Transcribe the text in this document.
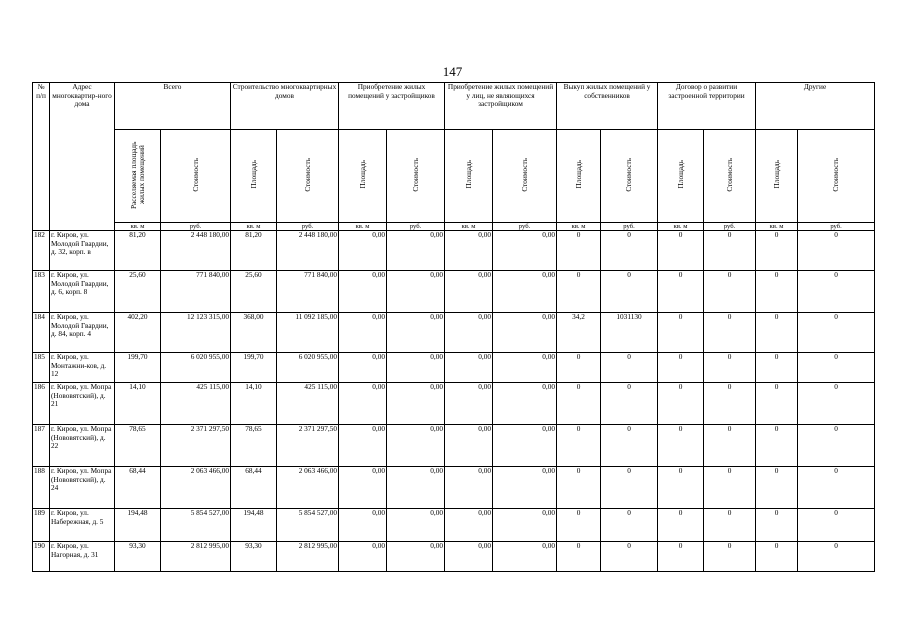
147
№ п/п	Адрес многоквартир-ного дома	Всего		Строительство многоквартирных домов		Приобретение жилых помещений у застройщиков		Приобретение жилых помещений у лиц, не являющихся застройщиком		Выкуп жилых помещений у собственников		Договор о развитии застроенной территории		Другие	
		Расселяемая площадь жилых помещений	Стоимость	Площадь	Стоимость	Площадь	Стоимость	Площадь	Стоимость	Площадь	Стоимость	Площадь	Стоимость	Площадь	Стоимость
		кв. м	руб.	кв. м	руб.	кв. м	руб.	кв. м	руб.	кв. м	руб.	кв. м	руб.	кв. м	руб.
182	г. Киров, ул. Молодой Гвардии, д. 32, корп. в	81,20	2 448 180,00	81,20	2 448 180,00	0,00	0,00	0,00	0,00	0	0	0	0	0	0
183	г. Киров, ул. Молодой Гвардии, д. 6, корп. 8	25,60	771 840,00	25,60	771 840,00	0,00	0,00	0,00	0,00	0	0	0	0	0	0
184	г. Киров, ул. Молодой Гвардии, д. 84, корп. 4	402,20	12 123 315,00	368,00	11 092 185,00	0,00	0,00	0,00	0,00	34,2	1031130	0	0	0	0
185	г. Киров, ул. Монтажни-ков, д. 12	199,70	6 020 955,00	199,70	6 020 955,00	0,00	0,00	0,00	0,00	0	0	0	0	0	0
186	г. Киров, ул. Мопра (Нововятский), д. 21	14,10	425 115,00	14,10	425 115,00	0,00	0,00	0,00	0,00	0	0	0	0	0	0
187	г. Киров, ул. Мопра (Нововятский), д. 22	78,65	2 371 297,50	78,65	2 371 297,50	0,00	0,00	0,00	0,00	0	0	0	0	0	0
188	г. Киров, ул. Мопра (Нововятский), д. 24	68,44	2 063 466,00	68,44	2 063 466,00	0,00	0,00	0,00	0,00	0	0	0	0	0	0
189	г. Киров, ул. Набережная, д. 5	194,48	5 854 527,00	194,48	5 854 527,00	0,00	0,00	0,00	0,00	0	0	0	0	0	0
190	г. Киров, ул. Нагорная, д. 31	93,30	2 812 995,00	93,30	2 812 995,00	0,00	0,00	0,00	0,00	0	0	0	0	0	0
